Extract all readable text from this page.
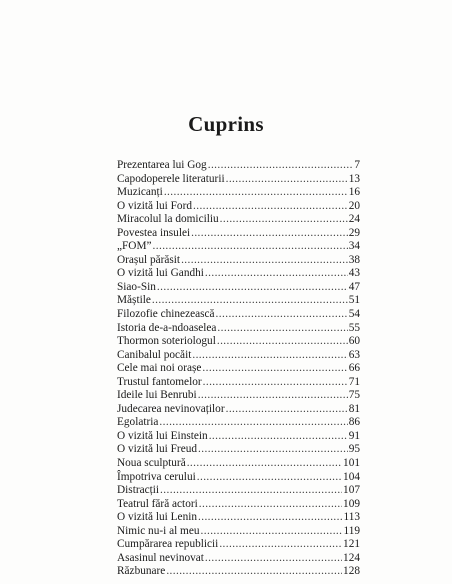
Cuprins
Prezentarea lui Gog .....	7
Capodoperele literaturii .....	13
Muzicanți .....	16
O vizită lui Ford .....	20
Miracolul la domiciliu .....	24
Povestea insulei .....	29
„FOM” .....	34
Orașul părăsit .....	38
O vizită lui Gandhi .....	43
Siao-Sin .....	47
Măștile .....	51
Filozofie chinezească .....	54
Istoria de-a-ndoaselea .....	55
Thormon soteriologul .....	60
Canibalul pocăit .....	63
Cele mai noi orașe .....	66
Trustul fantomelor .....	71
Ideile lui Benrubi .....	75
Judecarea nevinovaților .....	81
Egolatria .....	86
O vizită lui Einstein .....	91
O vizită lui Freud .....	95
Noua sculptură .....	101
Împotriva cerului .....	104
Distracții .....	107
Teatrul fără actori .....	109
O vizită lui Lenin .....	113
Nimic nu-i al meu .....	119
Cumpărarea republicii .....	121
Asasinul nevinovat .....	124
Răzbunare .....	128
